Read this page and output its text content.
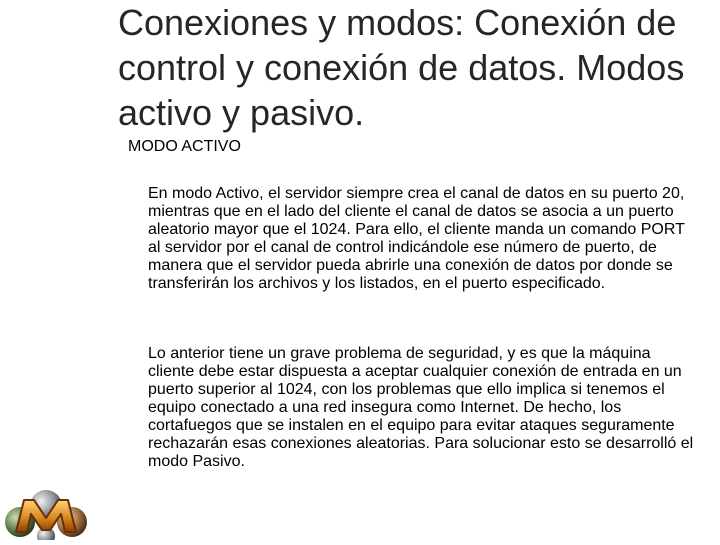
Conexiones y modos: Conexión de control y conexión de datos. Modos activo y pasivo.
MODO ACTIVO

En modo Activo, el servidor siempre crea el canal de datos en su puerto 20, mientras que en el lado del cliente el canal de datos se asocia a un puerto aleatorio mayor que el 1024. Para ello, el cliente manda un comando PORT al servidor por el canal de control indicándole ese número de puerto, de manera que el servidor pueda abrirle una conexión de datos por donde se transferirán los archivos y los listados, en el puerto especificado.

Lo anterior tiene un grave problema de seguridad, y es que la máquina cliente debe estar dispuesta a aceptar cualquier conexión de entrada en un puerto superior al 1024, con los problemas que ello implica si tenemos el equipo conectado a una red insegura como Internet. De hecho, los cortafuegos que se instalen en el equipo para evitar ataques seguramente rechazarán esas conexiones aleatorias. Para solucionar esto se desarrolló el modo Pasivo.
